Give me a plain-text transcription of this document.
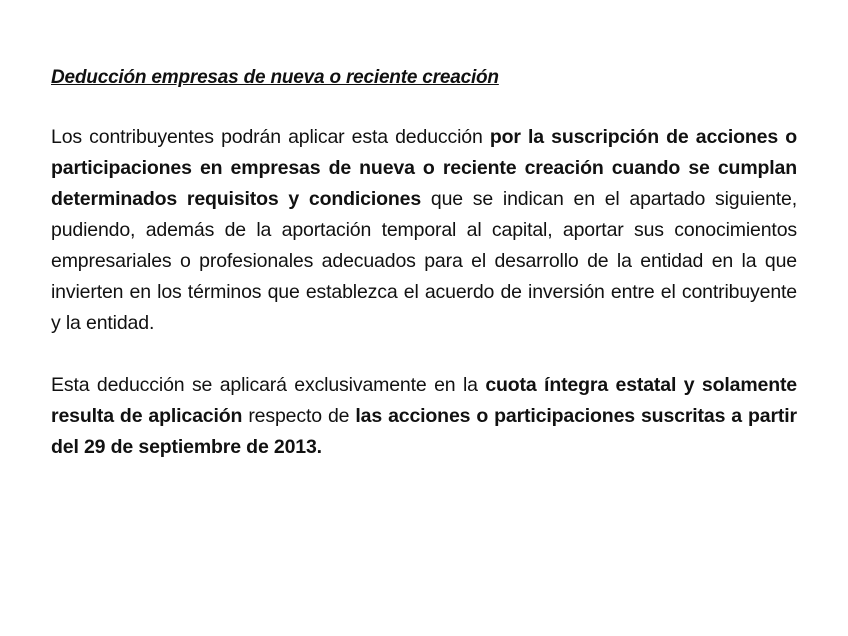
Deducción empresas de nueva o reciente creación

Los contribuyentes podrán aplicar esta deducción por la suscripción de acciones o participaciones en empresas de nueva o reciente creación cuando se cumplan determinados requisitos y condiciones que se indican en el apartado siguiente, pudiendo, además de la aportación temporal al capital, aportar sus conocimientos empresariales o profesionales adecuados para el desarrollo de la entidad en la que invierten en los términos que establezca el acuerdo de inversión entre el contribuyente y la entidad.

Esta deducción se aplicará exclusivamente en la cuota íntegra estatal y solamente resulta de aplicación respecto de las acciones o participaciones suscritas a partir del 29 de septiembre de 2013.
